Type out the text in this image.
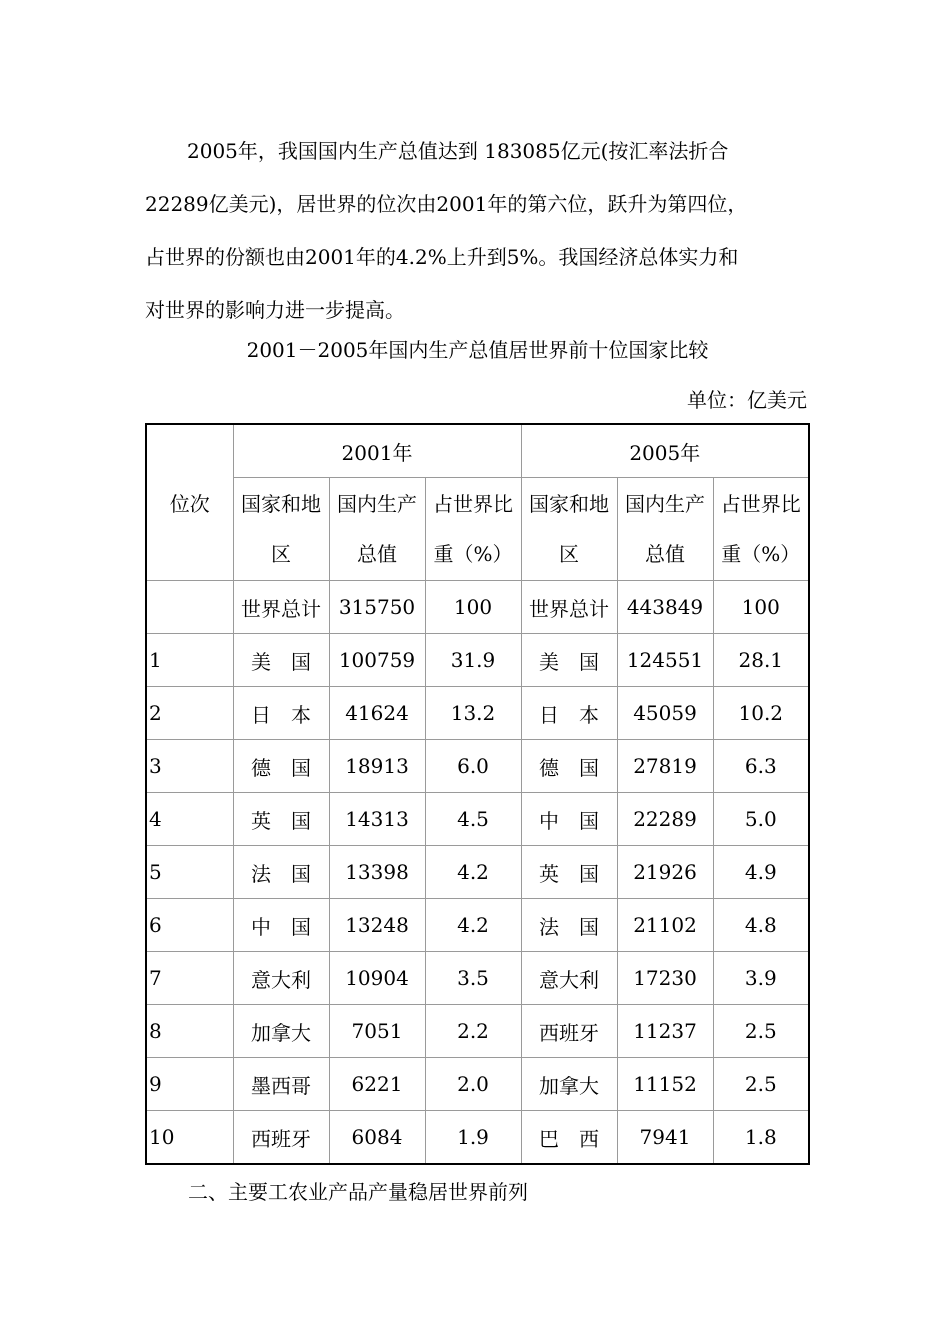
2005年，我国国内生产总值达到 183085亿元(按汇率法折合
22289亿美元)，居世界的位次由2001年的第六位，跃升为第四位，
占世界的份额也由2001年的4.2%上升到5%。我国经济总体实力和
对世界的影响力进一步提高。
2001－2005年国内生产总值居世界前十位国家比较
单位：亿美元
位次	2001年			2005年		
	国家和地区	国内生产总值	占世界比重（%）	国家和地区	国内生产总值	占世界比重（%）
	世界总计	315750	100	世界总计	443849	100
1	美　国	100759	31.9	美　国	124551	28.1
2	日　本	41624	13.2	日　本	45059	10.2
3	德　国	18913	6.0	德　国	27819	6.3
4	英　国	14313	4.5	中　国	22289	5.0
5	法　国	13398	4.2	英　国	21926	4.9
6	中　国	13248	4.2	法　国	21102	4.8
7	意大利	10904	3.5	意大利	17230	3.9
8	加拿大	7051	2.2	西班牙	11237	2.5
9	墨西哥	6221	2.0	加拿大	11152	2.5
10	西班牙	6084	1.9	巴　西	7941	1.8
二、主要工农业产品产量稳居世界前列
